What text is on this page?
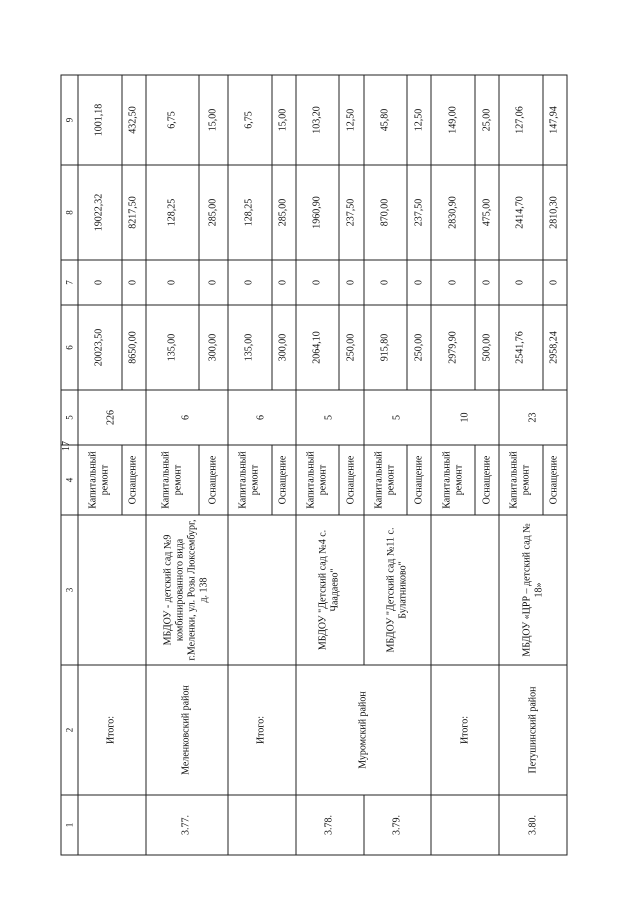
17
1	2	3	4	5	6	7	8	9
	Итого:		Капитальный ремонт	226	20023,50	0	19022,32	1001,18
			Оснащение		8650,00	0	8217,50	432,50
3.77.	Меленковский район	МБДОУ - детский сад №9 комбинированного вида г.Меленки, ул. Розы Люксембург, д. 138	Капитальный ремонт	6	135,00	0	128,25	6,75
			Оснащение		300,00	0	285,00	15,00
	Итого:		Капитальный ремонт	6	135,00	0	128,25	6,75
			Оснащение		300,00	0	285,00	15,00
3.78.	Муромский район	МБДОУ "Детский сад №4 с. Чаадаево"	Капитальный ремонт	5	2064,10	0	1960,90	103,20
			Оснащение		250,00	0	237,50	12,50
3.79.		МБДОУ "Детский сад №11 с. Булатниково"	Капитальный ремонт	5	915,80	0	870,00	45,80
			Оснащение		250,00	0	237,50	12,50
	Итого:		Капитальный ремонт	10	2979,90	0	2830,90	149,00
			Оснащение		500,00	0	475,00	25,00
3.80.	Петушинский район	МБДОУ «ЦРР – детский сад № 18»	Капитальный ремонт	23	2541,76	0	2414,70	127,06
			Оснащение		2958,24	0	2810,30	147,94
